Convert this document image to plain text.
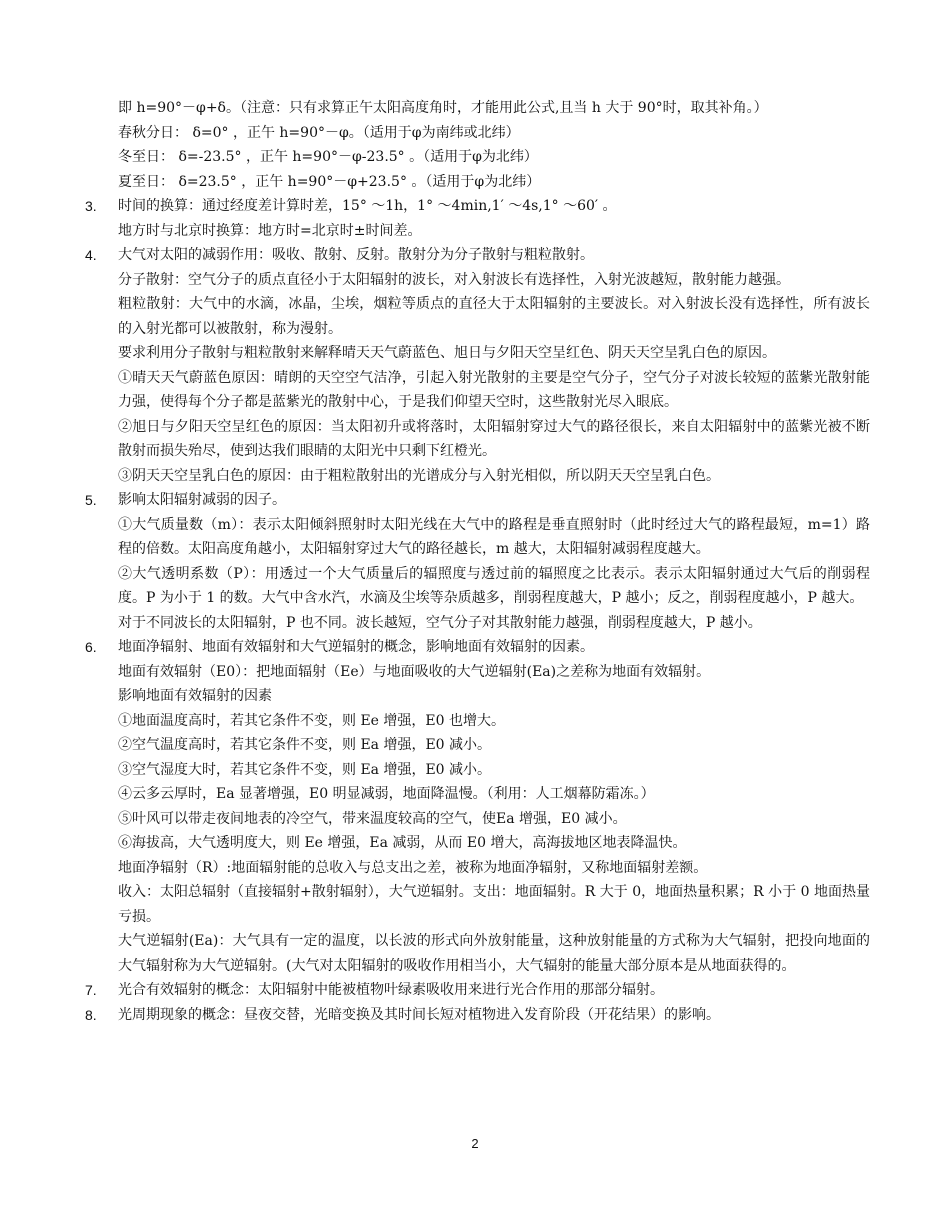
即 h=90°－φ+δ。（注意：只有求算正午太阳高度角时，才能用此公式,且当 h 大于 90°时，取其补角。）

春秋分日： δ=0° ，正午 h=90°－φ。（适用于φ为南纬或北纬）

冬至日： δ=-23.5° ，正午 h=90°－φ-23.5° 。（适用于φ为北纬）

夏至日： δ=23.5° ，正午 h=90°－φ+23.5° 。（适用于φ为北纬）

3. 时间的换算：通过经度差计算时差，15° ～1h，1° ～4min,1′ ～4s,1° ～60′ 。

地方时与北京时换算：地方时=北京时±时间差。

4. 大气对太阳的减弱作用：吸收、散射、反射。散射分为分子散射与粗粒散射。

分子散射：空气分子的质点直径小于太阳辐射的波长，对入射波长有选择性，入射光波越短，散射能力越强。

粗粒散射：大气中的水滴，冰晶，尘埃，烟粒等质点的直径大于太阳辐射的主要波长。对入射波长没有选择性，所有波长的入射光都可以被散射，称为漫射。

要求利用分子散射与粗粒散射来解释晴天天气蔚蓝色、旭日与夕阳天空呈红色、阴天天空呈乳白色的原因。

①晴天天气蔚蓝色原因：晴朗的天空空气洁净，引起入射光散射的主要是空气分子，空气分子对波长较短的蓝紫光散射能力强，使得每个分子都是蓝紫光的散射中心，于是我们仰望天空时，这些散射光尽入眼底。

②旭日与夕阳天空呈红色的原因：当太阳初升或将落时，太阳辐射穿过大气的路径很长，来自太阳辐射中的蓝紫光被不断散射而损失殆尽，使到达我们眼睛的太阳光中只剩下红橙光。

③阴天天空呈乳白色的原因：由于粗粒散射出的光谱成分与入射光相似，所以阴天天空呈乳白色。

5. 影响太阳辐射减弱的因子。

①大气质量数（m）：表示太阳倾斜照射时太阳光线在大气中的路程是垂直照射时（此时经过大气的路程最短，m=1）路程的倍数。太阳高度角越小，太阳辐射穿过大气的路径越长，m 越大，太阳辐射减弱程度越大。

②大气透明系数（P）：用透过一个大气质量后的辐照度与透过前的辐照度之比表示。表示太阳辐射通过大气后的削弱程度。P 为小于 1 的数。大气中含水汽，水滴及尘埃等杂质越多，削弱程度越大，P 越小；反之，削弱程度越小，P 越大。

对于不同波长的太阳辐射，P 也不同。波长越短，空气分子对其散射能力越强，削弱程度越大，P 越小。

6. 地面净辐射、地面有效辐射和大气逆辐射的概念，影响地面有效辐射的因素。

地面有效辐射（E0）：把地面辐射（Ee）与地面吸收的大气逆辐射(Ea)之差称为地面有效辐射。

影响地面有效辐射的因素

①地面温度高时，若其它条件不变，则 Ee 增强，E0 也增大。

②空气温度高时，若其它条件不变，则 Ea 增强，E0 减小。

③空气湿度大时，若其它条件不变，则 Ea 增强，E0 减小。

④云多云厚时，Ea 显著增强，E0 明显减弱，地面降温慢。（利用：人工烟幕防霜冻。）

⑤叶风可以带走夜间地表的冷空气，带来温度较高的空气，使Ea 增强，E0 减小。

⑥海拔高，大气透明度大，则 Ee 增强，Ea 减弱，从而 E0 增大，高海拔地区地表降温快。

地面净辐射（R）:地面辐射能的总收入与总支出之差，被称为地面净辐射，又称地面辐射差额。

收入：太阳总辐射（直接辐射+散射辐射），大气逆辐射。支出：地面辐射。R 大于 0，地面热量积累；R 小于 0 地面热量亏损。

大气逆辐射(Ea)：大气具有一定的温度，以长波的形式向外放射能量，这种放射能量的方式称为大气辐射，把投向地面的大气辐射称为大气逆辐射。(大气对太阳辐射的吸收作用相当小，大气辐射的能量大部分原本是从地面获得的。

7. 光合有效辐射的概念：太阳辐射中能被植物叶绿素吸收用来进行光合作用的那部分辐射。

8. 光周期现象的概念：昼夜交替，光暗变换及其时间长短对植物进入发育阶段（开花结果）的影响。

2
